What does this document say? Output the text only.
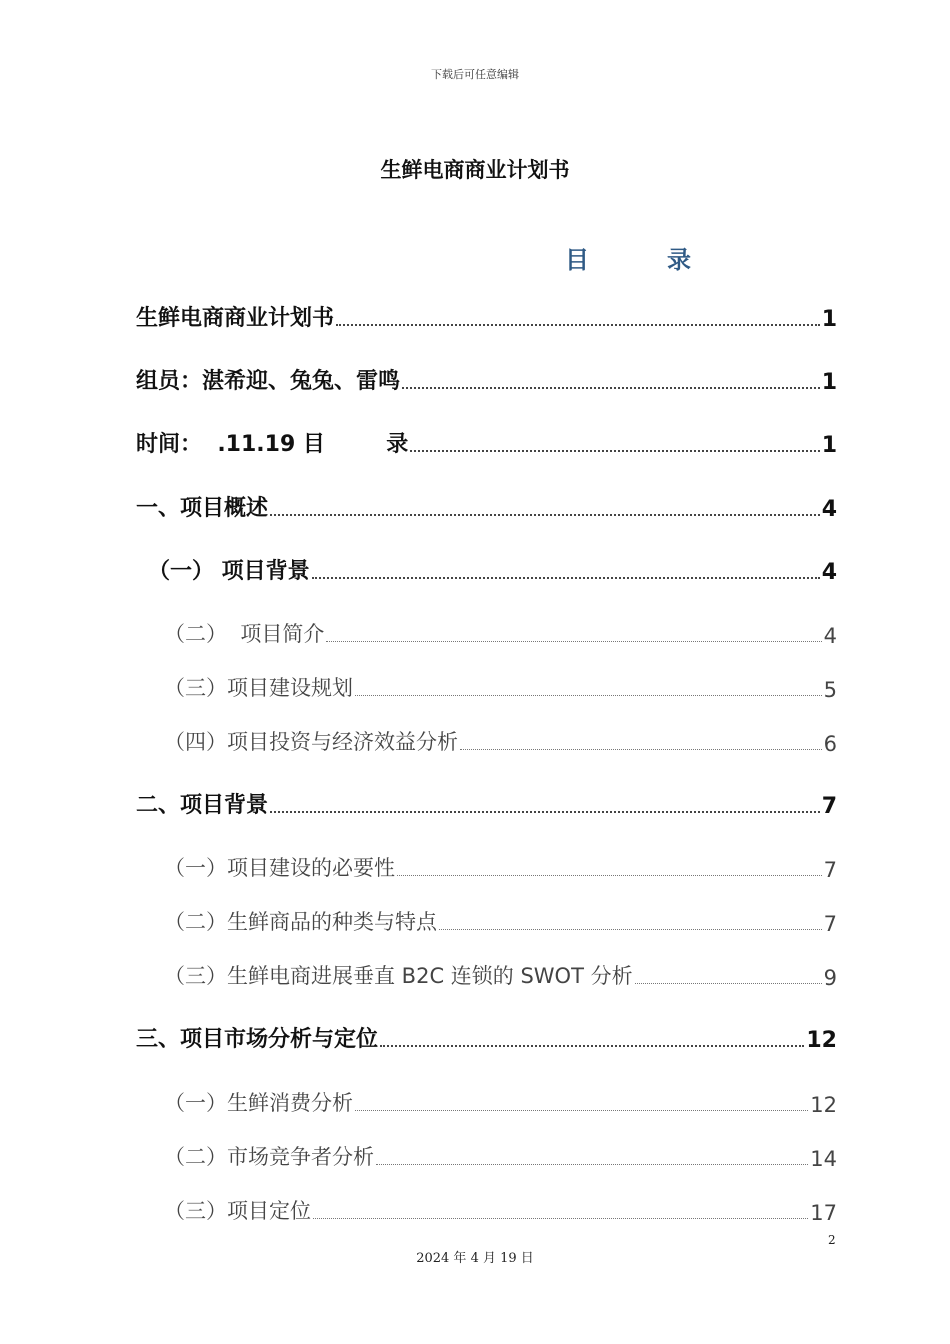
下载后可任意编辑
生鲜电商商业计划书
目	录
生鲜电商商业计划书	1
组员：湛希迎、兔兔、雷鸣	1
时间：  .11.19 目        录	1
一、项目概述	4
（一） 项目背景	4
（二）  项目简介	4
（三）项目建设规划	5
（四）项目投资与经济效益分析	6
二、项目背景	7
（一）项目建设的必要性	7
（二）生鲜商品的种类与特点	7
（三）生鲜电商进展垂直 B2C 连锁的 SWOT 分析	9
三、项目市场分析与定位	12
（一）生鲜消费分析	12
（二）市场竞争者分析	14
（三）项目定位	17
2
2024 年 4 月 19 日
